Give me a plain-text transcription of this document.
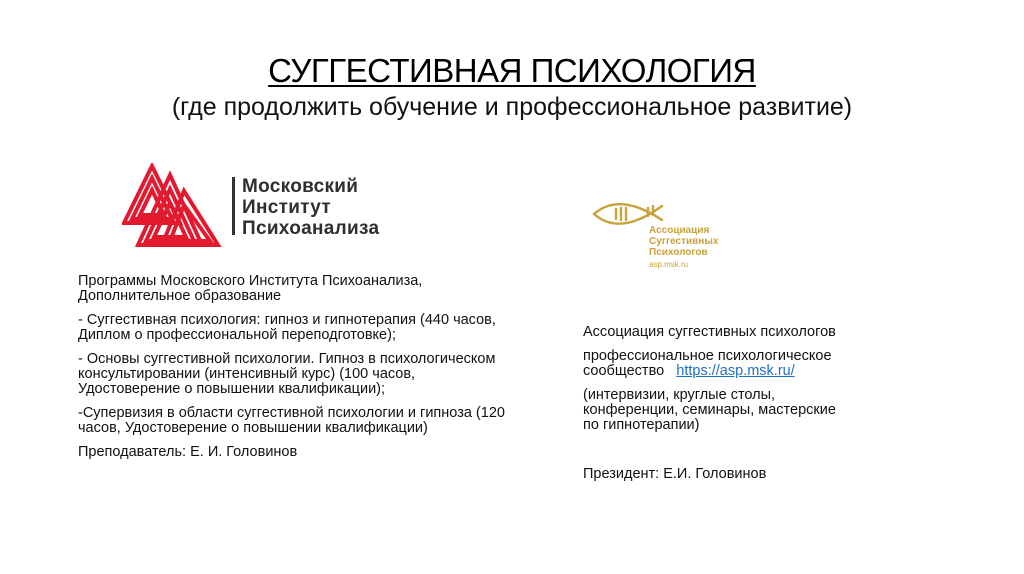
СУГГЕСТИВНАЯ ПСИХОЛОГИЯ
(где продолжить обучение и профессиональное развитие)
Московский
Институт
Психоанализа	Ассоциация
Суггестивных
Психологов
asp.msk.ru

Программы Московского Института Психоанализа, Дополнительное образование

- Суггестивная психология: гипноз и гипнотерапия (440 часов, Диплом о профессиональной переподготовке);

- Основы суггестивной психологии. Гипноз в психологическом консультировании (интенсивный курс) (100 часов, Удостоверение о повышении квалификации);

-Супервизия в области суггестивной психологии и гипноза (120 часов, Удостоверение о повышении квалификации)

Преподаватель: Е. И. Головинов

Ассоциация суггестивных психологов

профессиональное психологическое сообщество https://asp.msk.ru/

(интервизии, круглые столы, конференции, семинары, мастерские по гипнотерапии)

Президент: Е.И. Головинов
